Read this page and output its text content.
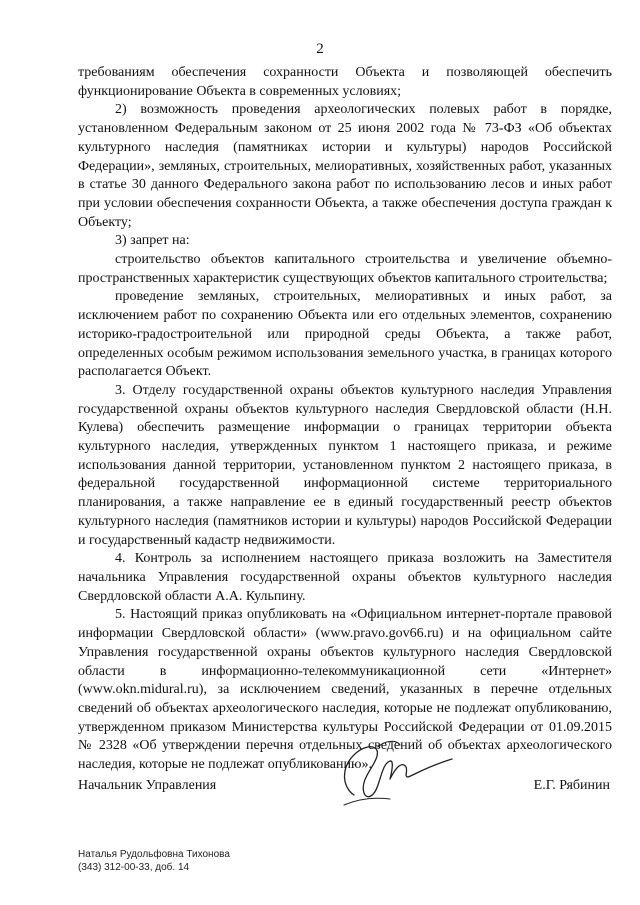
2

требованиям обеспечения сохранности Объекта и позволяющей обеспечить функционирование Объекта в современных условиях;

2) возможность проведения археологических полевых работ в порядке, установленном Федеральным законом от 25 июня 2002 года № 73-ФЗ «Об объектах культурного наследия (памятниках истории и культуры) народов Российской Федерации», земляных, строительных, мелиоративных, хозяйственных работ, указанных в статье 30 данного Федерального закона работ по использованию лесов и иных работ при условии обеспечения сохранности Объекта, а также обеспечения доступа граждан к Объекту;

3) запрет на:

строительство объектов капитального строительства и увеличение объемно-пространственных характеристик существующих объектов капитального строительства;

проведение земляных, строительных, мелиоративных и иных работ, за исключением работ по сохранению Объекта или его отдельных элементов, сохранению историко-градостроительной или природной среды Объекта, а также работ, определенных особым режимом использования земельного участка, в границах которого располагается Объект.

3. Отделу государственной охраны объектов культурного наследия Управления государственной охраны объектов культурного наследия Свердловской области (Н.Н. Кулева) обеспечить размещение информации о границах территории объекта культурного наследия, утвержденных пунктом 1 настоящего приказа, и режиме использования данной территории, установленном пунктом 2 настоящего приказа, в федеральной государственной информационной системе территориального планирования, а также направление ее в единый государственный реестр объектов культурного наследия (памятников истории и культуры) народов Российской Федерации и государственный кадастр недвижимости.

4. Контроль за исполнением настоящего приказа возложить на Заместителя начальника Управления государственной охраны объектов культурного наследия Свердловской области А.А. Кульпину.

5. Настоящий приказ опубликовать на «Официальном интернет-портале правовой информации Свердловской области» (www.pravo.gov66.ru) и на официальном сайте Управления государственной охраны объектов культурного наследия Свердловской области в информационно-телекоммуникационной сети «Интернет» (www.okn.midural.ru), за исключением сведений, указанных в перечне отдельных сведений об объектах археологического наследия, которые не подлежат опубликованию, утвержденном приказом Министерства культуры Российской Федерации от 01.09.2015 № 2328 «Об утверждении перечня отдельных сведений об объектах археологического наследия, которые не подлежат опубликованию».

Начальник Управления	Е.Г. Рябинин
Наталья Рудольфовна Тихонова
(343) 312-00-33, доб. 14
